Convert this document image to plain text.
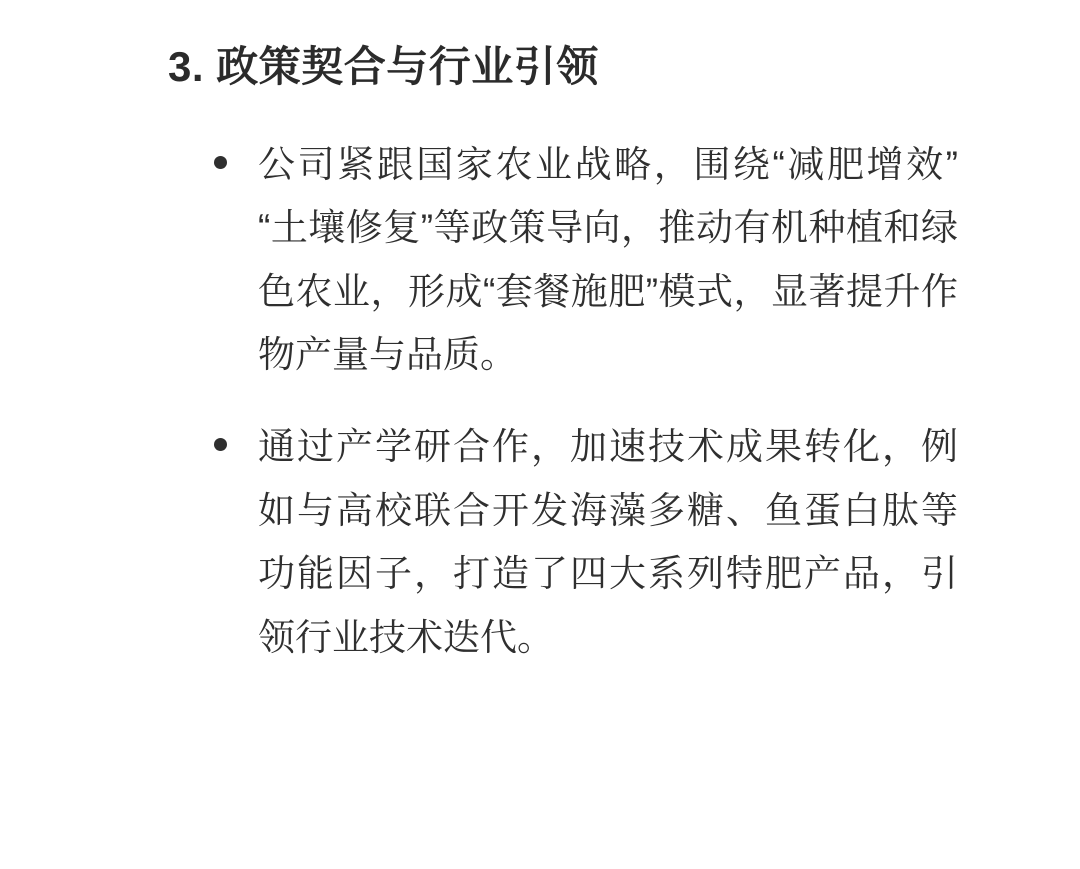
3. 政策契合与行业引领
公司紧跟国家农业战略，围绕“减肥增效”“土壤修复”等政策导向，推动有机种植和绿色农业，形成“套餐施肥”模式，显著提升作物产量与品质。
通过产学研合作，加速技术成果转化，例如与高校联合开发海藻多糖、鱼蛋白肽等功能因子，打造了四大系列特肥产品，引领行业技术迭代。
